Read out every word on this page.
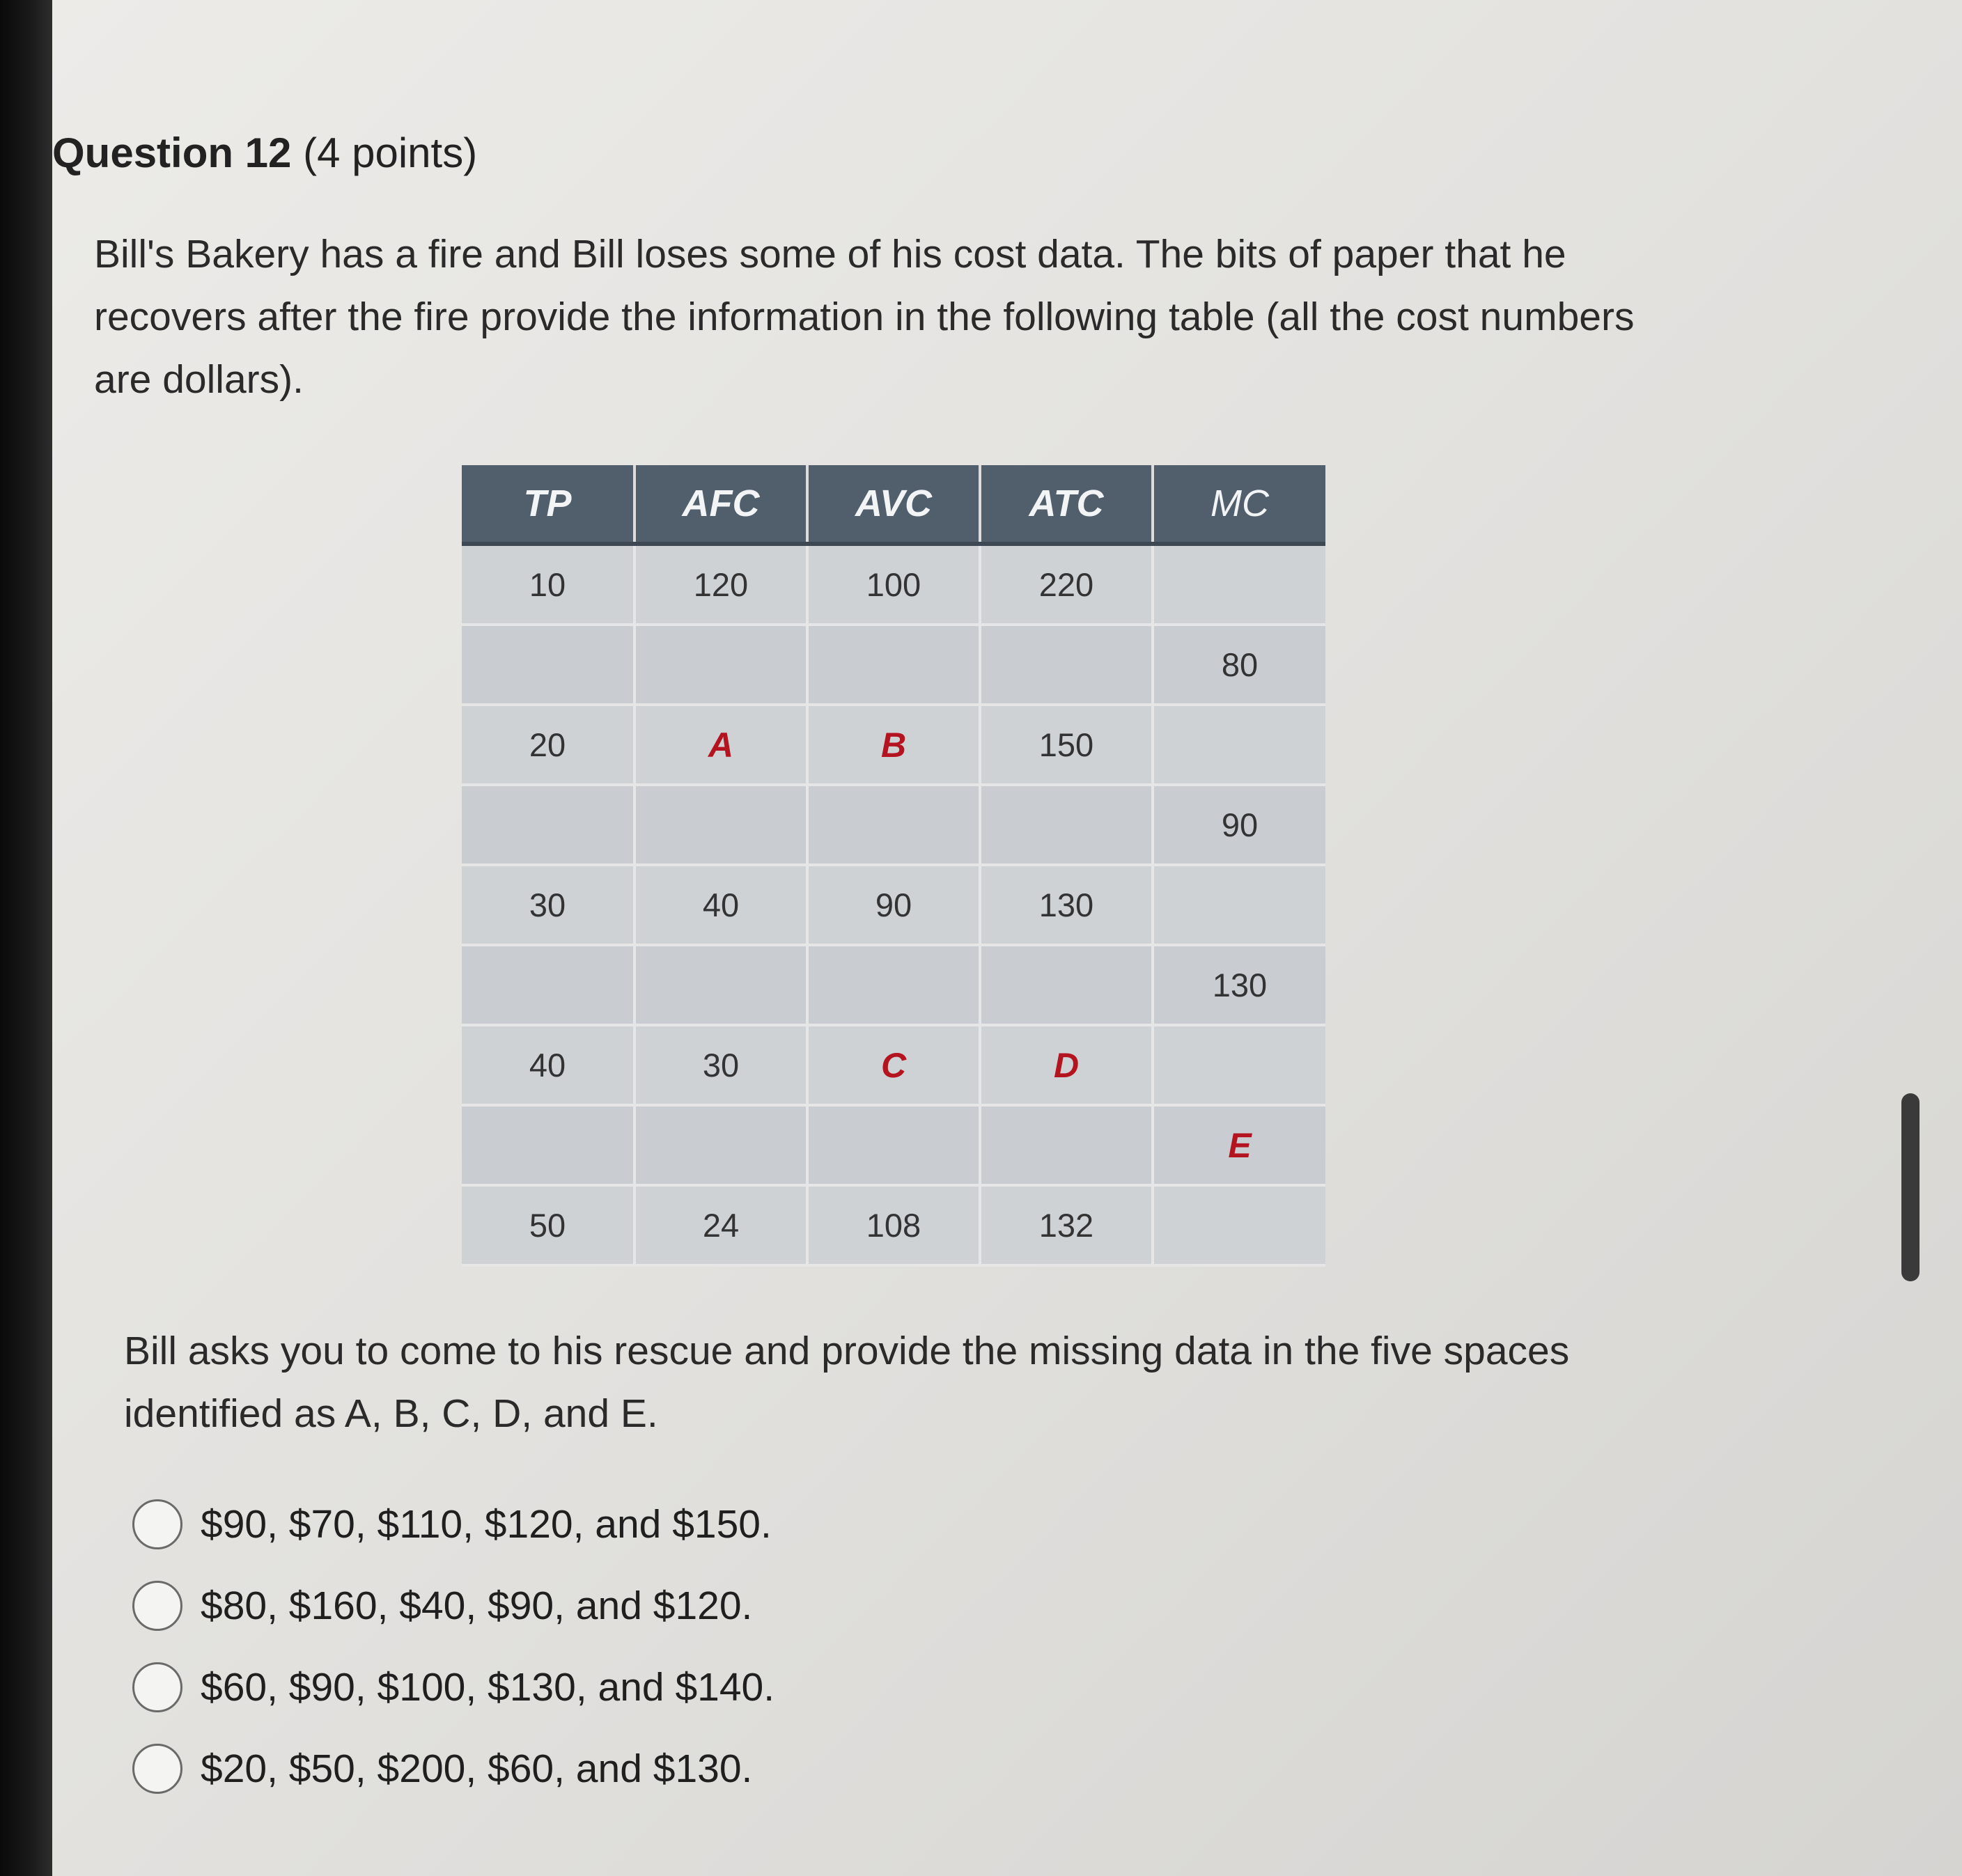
Question 12 (4 points)
Bill's Bakery has a fire and Bill loses some of his cost data. The bits of paper that he recovers after the fire provide the information in the following table (all the cost numbers are dollars).
TP	AFC	AVC	ATC	MC
10	120	100	220	
				80
20	A	B	150	
				90
30	40	90	130	
				130
40	30	C	D	
				E
50	24	108	132	
Bill asks you to come to his rescue and provide the missing data in the five spaces identified as A, B, C, D, and E.
$90, $70, $110, $120, and $150.
$80, $160, $40, $90, and $120.
$60, $90, $100, $130, and $140.
$20, $50, $200, $60, and $130.
